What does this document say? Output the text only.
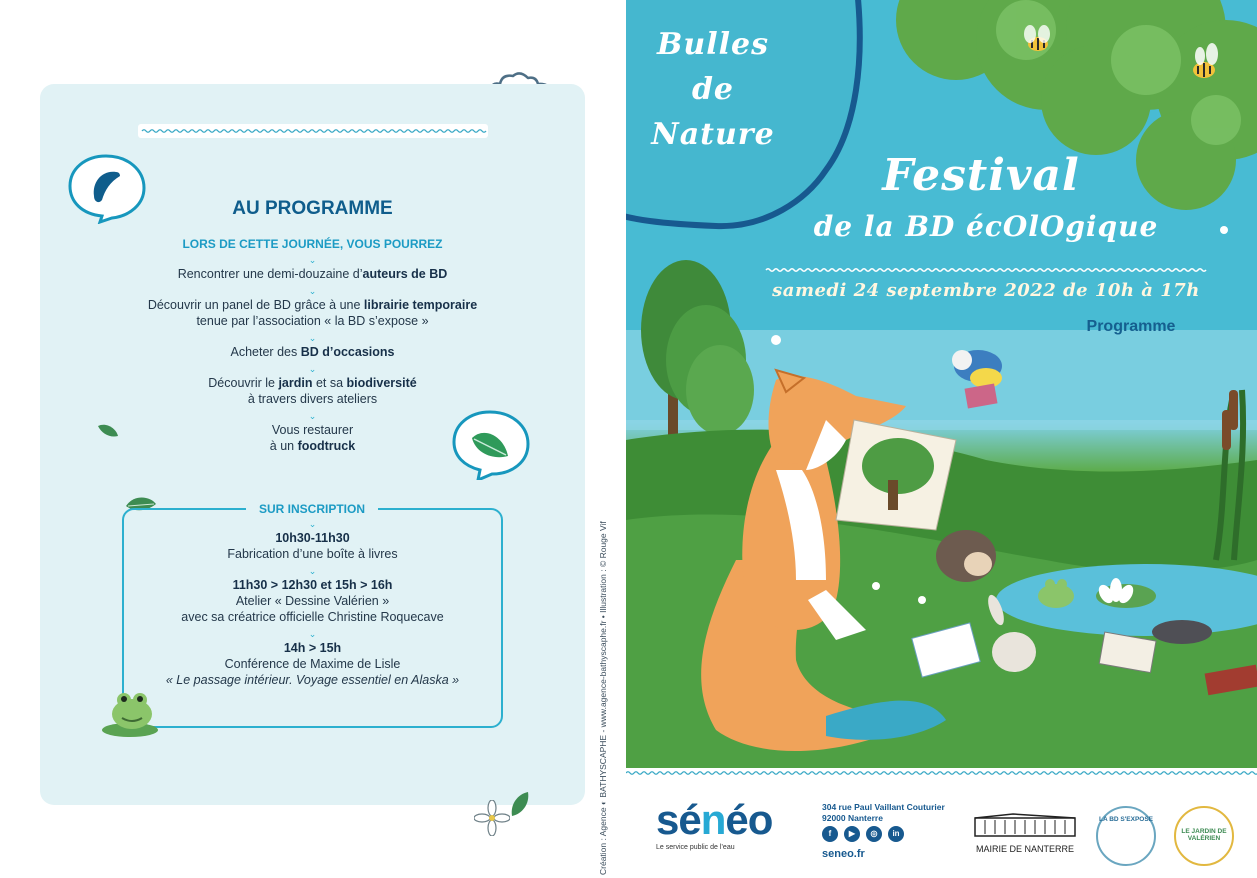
AU PROGRAMME
LORS DE CETTE JOURNÉE, VOUS POURREZ
⌄
Rencontrer une demi-douzaine d’auteurs de BD
⌄
Découvrir un panel de BD grâce à une librairie temporaire
tenue par l’association « la BD s’expose »
⌄
Acheter des BD d’occasions
⌄
Découvrir le jardin et sa biodiversité
à travers divers ateliers
⌄
Vous restaurer
à un foodtruck
SUR INSCRIPTION
⌄
10h30-11h30
Fabrication d’une boîte à livres
⌄
11h30 > 12h30 et 15h > 16h
Atelier « Dessine Valérien »
avec sa créatrice officielle Christine Roquecave
⌄
14h > 15h
Conférence de Maxime de Lisle
« Le passage intérieur. Voyage essentiel en Alaska »	Création : Agence ◐ BATHYSCAPHE - www.agence-bathyscaphe.fr • Illustration : © Rouge Vif
Bulles
de
Nature
Festival
de la BD écOlOgique
samedi 24 septembre 2022 de 10h à 17h
Programme
sénéo
Le service public de l’eau
304 rue Paul Vaillant Couturier
92000 Nanterre
f	▶	◎	in
seneo.fr	MAIRIE DE NANTERRE
LA BD S'EXPOSE
LE JARDIN DE VALÉRIEN
